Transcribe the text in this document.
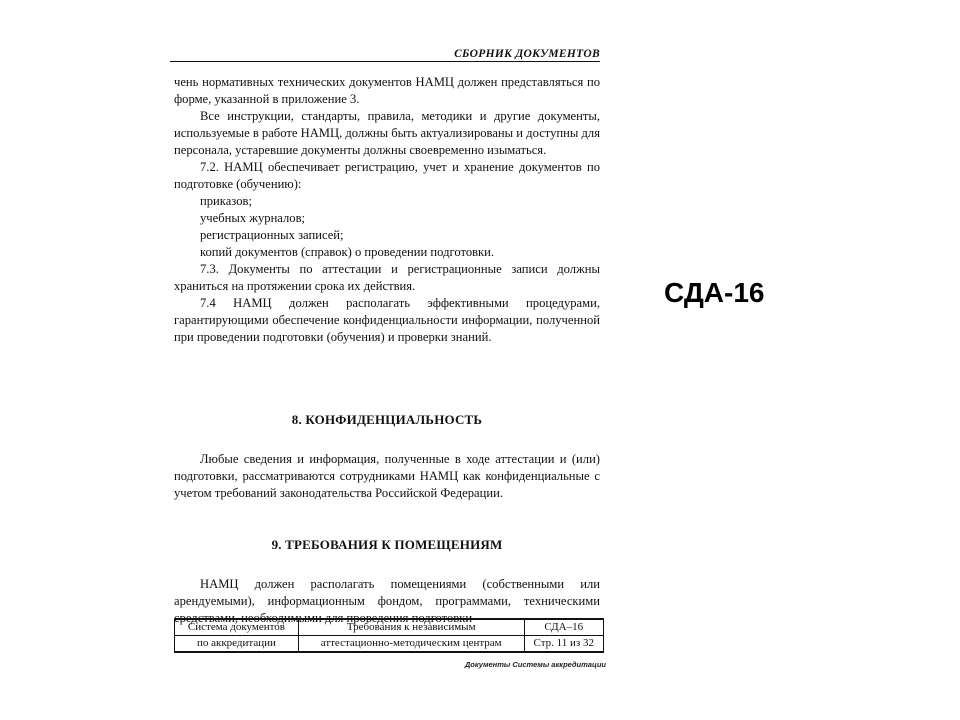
СБОРНИК ДОКУМЕНТОВ

чень нормативных технических документов НАМЦ должен представляться по форме, указанной в приложение 3.

Все инструкции, стандарты, правила, методики и другие документы, используемые в работе НАМЦ, должны быть актуализированы и доступны для персонала, устаревшие документы должны своевременно изыматься.

7.2. НАМЦ обеспечивает регистрацию, учет и хранение документов по подготовке (обучению):

приказов;

учебных журналов;

регистрационных записей;

копий документов (справок) о проведении подготовки.

7.3. Документы по аттестации и регистрационные записи должны храниться на протяжении срока их действия.

7.4 НАМЦ должен располагать эффективными процедурами, гарантирующими обеспечение конфиденциальности информации, полученной при проведении подготовки (обучения) и проверки знаний.

8. КОНФИДЕНЦИАЛЬНОСТЬ

Любые сведения и информация, полученные в ходе аттестации и (или) подготовки, рассматриваются сотрудниками НАМЦ как конфиденциальные с учетом требований законодательства Российской Федерации.

9. ТРЕБОВАНИЯ К ПОМЕЩЕНИЯМ

НАМЦ должен располагать помещениями (собственными или арендуемыми), информационным фондом, программами, техническими средствами, необходимыми для проведения подготовки

Система документов	Требования к независимым	СДА–16
по аккредитации	аттестационно-методическим центрам	Стр. 11 из 32
Документы Системы аккредитации
СДА-16
